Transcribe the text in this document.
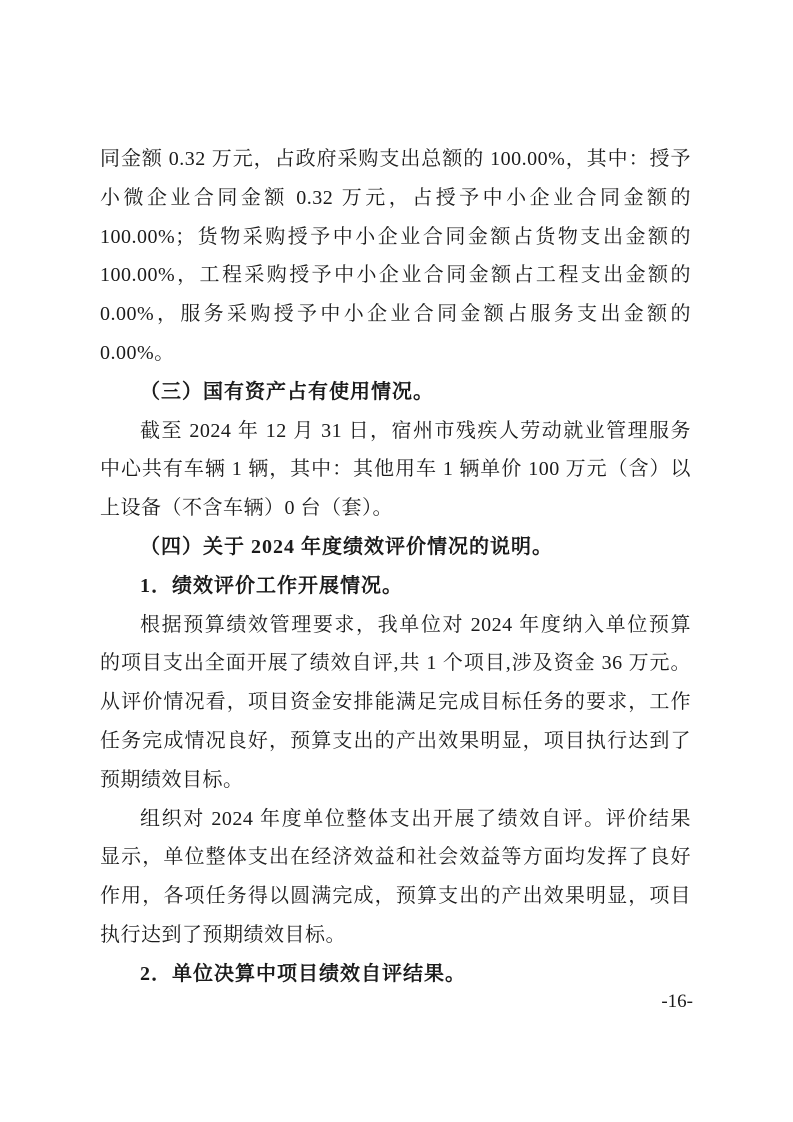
同金额 0.32 万元，占政府采购支出总额的 100.00%，其中：授予
小微企业合同金额 0.32 万元，占授予中小企业合同金额的
100.00%；货物采购授予中小企业合同金额占货物支出金额的
100.00%，工程采购授予中小企业合同金额占工程支出金额的
0.00%，服务采购授予中小企业合同金额占服务支出金额的
0.00%。
（三）国有资产占有使用情况。
截至 2024 年 12 月 31 日，宿州市残疾人劳动就业管理服务
中心共有车辆 1 辆，其中：其他用车 1 辆单价 100 万元（含）以
上设备（不含车辆）0 台（套）。
（四）关于 2024 年度绩效评价情况的说明。
1．绩效评价工作开展情况。
根据预算绩效管理要求，我单位对 2024 年度纳入单位预算
的项目支出全面开展了绩效自评,共 1 个项目,涉及资金 36 万元。
从评价情况看，项目资金安排能满足完成目标任务的要求，工作
任务完成情况良好，预算支出的产出效果明显，项目执行达到了
预期绩效目标。
组织对 2024 年度单位整体支出开展了绩效自评。评价结果
显示，单位整体支出在经济效益和社会效益等方面均发挥了良好
作用，各项任务得以圆满完成，预算支出的产出效果明显，项目
执行达到了预期绩效目标。
2．单位决算中项目绩效自评结果。
-16-
